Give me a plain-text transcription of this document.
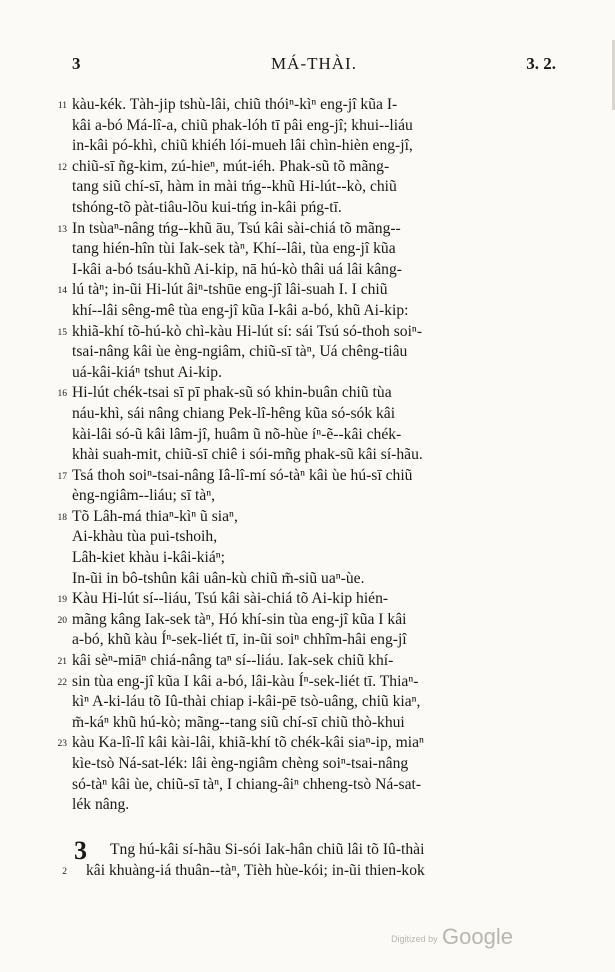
3	MÁ-THÀI.	3. 2.
11 kàu-kék. Tàh-jip tshù-lâi, chiũ thóiⁿ-kìⁿ eng-jî kũa I-
kâi a-bó Má-lî-a, chiũ phak-lóh tī pâi eng-jî; khui--liáu
in-kâi pó-khì, chiũ khiéh lói-mueh lâi chìn-hièn eng-jî,
12 chiũ-sī ñg-kim, zú-hieⁿ, mút-iéh. Phak-sũ tõ mãng-
tang siũ chí-sī, hàm in mài tńg--khũ Hi-lút--kò, chiũ
tshóng-tõ pàt-tiâu-lõu kui-tńg in-kâi pńg-tī.
13 In tsùaⁿ-nâng tńg--khũ āu, Tsú kâi sài-chiá tõ mãng--
tang hién-hîn tùi Iak-sek tàⁿ, Khí--lâi, tùa eng-jî kũa
I-kâi a-bó tsáu-khũ Ai-kip, nā hú-kò thâi uá lâi kâng-
14 lú tàⁿ; in-ũi Hi-lút âiⁿ-tshūe eng-jî lâi-suah I. I chiũ
khí--lâi sêng-mê tùa eng-jî kũa I-kâi a-bó, khũ Ai-kip:
15 khiã-khí tõ-hú-kò chì-kàu Hi-lút sí: sái Tsú só-thoh soiⁿ-
tsai-nâng kâi ùe èng-ngiâm, chiũ-sī tàⁿ, Uá chêng-tiâu
uá-kâi-kiáⁿ tshut Ai-kip.
16 Hi-lút chék-tsai sī pī phak-sũ só khin-buân chiũ tùa
náu-khì, sái nâng chiang Pek-lî-hêng kũa só-sók kâi
kài-lâi só-ũ kâi lâm-jî, huâm ũ nõ-hùe íⁿ-ẽ--kâi chék-
khài suah-mit, chiũ-sī chiê i sói-mñg phak-sũ kâi sí-hãu.
17 Tsá thoh soiⁿ-tsai-nâng Iâ-lî-mí só-tàⁿ kâi ùe hú-sī chiũ
èng-ngiâm--liáu; sī tàⁿ,
18 Tõ Lâh-má thiaⁿ-kìⁿ ũ siaⁿ,
Ai-khàu tùa pui-tshoih,
Lâh-kiet khàu i-kâi-kiáⁿ;
In-ũi in bô-tshûn kâi uân-kù chiũ m̃-siũ uaⁿ-ùe.
19 Kàu Hi-lút sí--liáu, Tsú kâi sài-chiá tõ Ai-kip hién-
20 mãng kâng Iak-sek tàⁿ, Hó khí-sin tùa eng-jî kũa I kâi
a-bó, khũ kàu Íⁿ-sek-liét tī, in-ũi soiⁿ chhîm-hâi eng-jî
21 kâi sèⁿ-miāⁿ chiá-nâng taⁿ sí--liáu. Iak-sek chiũ khí-
22 sin tùa eng-jî kũa I kâi a-bó, lâi-kàu Íⁿ-sek-liét tī. Thiaⁿ-
kìⁿ A-ki-láu tõ Iû-thài chiap i-kâi-pē tsò-uâng, chiũ kiaⁿ,
m̃-káⁿ khũ hú-kò; mãng--tang siũ chí-sī chiũ thò-khui
23 kàu Ka-lî-lî kâi kài-lâi, khiã-khí tõ chék-kâi siaⁿ-ip, miaⁿ
kìe-tsò Ná-sat-lék: lâi èng-ngiâm chèng soiⁿ-tsai-nâng
só-tàⁿ kâi ùe, chiũ-sī tàⁿ, I chiang-âiⁿ chheng-tsò Ná-sat-
lék nâng.
3	Tng hú-kâi sí-hãu Si-sói Iak-hân chiũ lâi tõ Iû-thài
2 kâi khuàng-iá thuân--tàⁿ, Tièh hùe-kói; in-ũi thien-kok
Digitized by Google
